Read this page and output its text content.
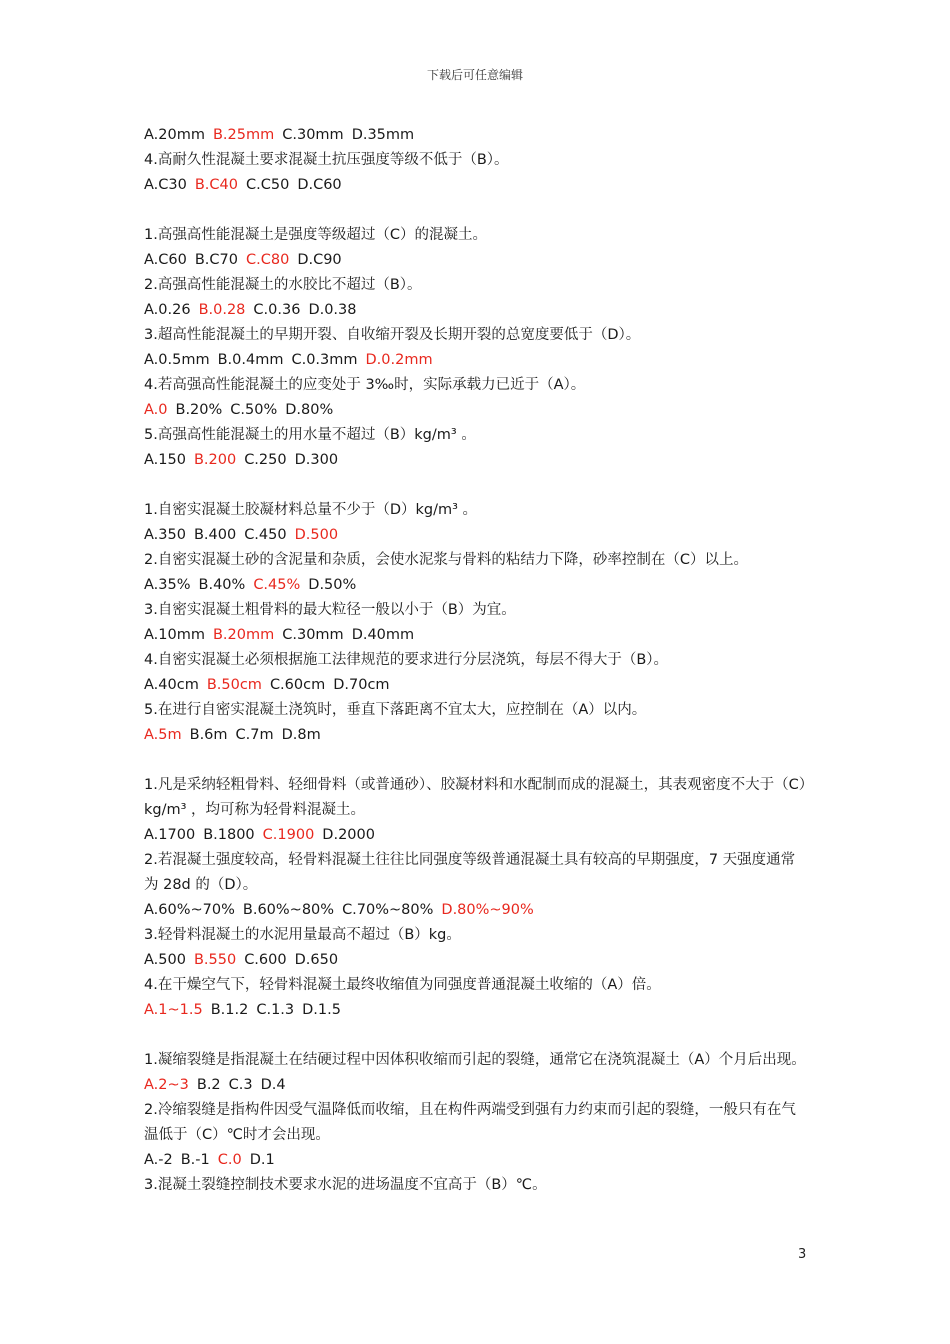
下载后可任意编辑
A.20mm B.25mm C.30mm D.35mm
4.高耐久性混凝土要求混凝土抗压强度等级不低于（B）。
A.C30 B.C40 C.C50 D.C60
1.高强高性能混凝土是强度等级超过（C）的混凝土。
A.C60 B.C70 C.C80 D.C90
2.高强高性能混凝土的水胶比不超过（B）。
A.0.26 B.0.28 C.0.36 D.0.38
3.超高性能混凝土的早期开裂、自收缩开裂及长期开裂的总宽度要低于（D）。
A.0.5mm B.0.4mm C.0.3mm D.0.2mm
4.若高强高性能混凝土的应变处于 3‰时，实际承载力已近于（A）。
A.0 B.20% C.50% D.80%
5.高强高性能混凝土的用水量不超过（B）kg/m³ 。
A.150 B.200 C.250 D.300
1.自密实混凝土胶凝材料总量不少于（D）kg/m³ 。
A.350 B.400 C.450 D.500
2.自密实混凝土砂的含泥量和杂质，会使水泥浆与骨料的粘结力下降，砂率控制在（C）以上。
A.35% B.40% C.45% D.50%
3.自密实混凝土粗骨料的最大粒径一般以小于（B）为宜。
A.10mm B.20mm C.30mm D.40mm
4.自密实混凝土必须根据施工法律规范的要求进行分层浇筑，每层不得大于（B）。
A.40cm B.50cm C.60cm D.70cm
5.在进行自密实混凝土浇筑时，垂直下落距离不宜太大，应控制在（A）以内。
A.5m B.6m C.7m D.8m
1.凡是采纳轻粗骨料、轻细骨料（或普通砂）、胶凝材料和水配制而成的混凝土，其表观密度不大于（C）kg/m³ ，均可称为轻骨料混凝土。
A.1700 B.1800 C.1900 D.2000
2.若混凝土强度较高，轻骨料混凝土往往比同强度等级普通混凝土具有较高的早期强度，7 天强度通常为 28d 的（D）。
A.60%~70% B.60%~80% C.70%~80% D.80%~90%
3.轻骨料混凝土的水泥用量最高不超过（B）kg。
A.500 B.550 C.600 D.650
4.在干燥空气下，轻骨料混凝土最终收缩值为同强度普通混凝土收缩的（A）倍。
A.1~1.5 B.1.2 C.1.3 D.1.5
1.凝缩裂缝是指混凝土在结硬过程中因体积收缩而引起的裂缝，通常它在浇筑混凝土（A）个月后出现。
A.2~3 B.2 C.3 D.4
2.冷缩裂缝是指构件因受气温降低而收缩，且在构件两端受到强有力约束而引起的裂缝，一般只有在气温低于（C）℃时才会出现。
A.-2 B.-1 C.0 D.1
3.混凝土裂缝控制技术要求水泥的进场温度不宜高于（B）℃。
3
